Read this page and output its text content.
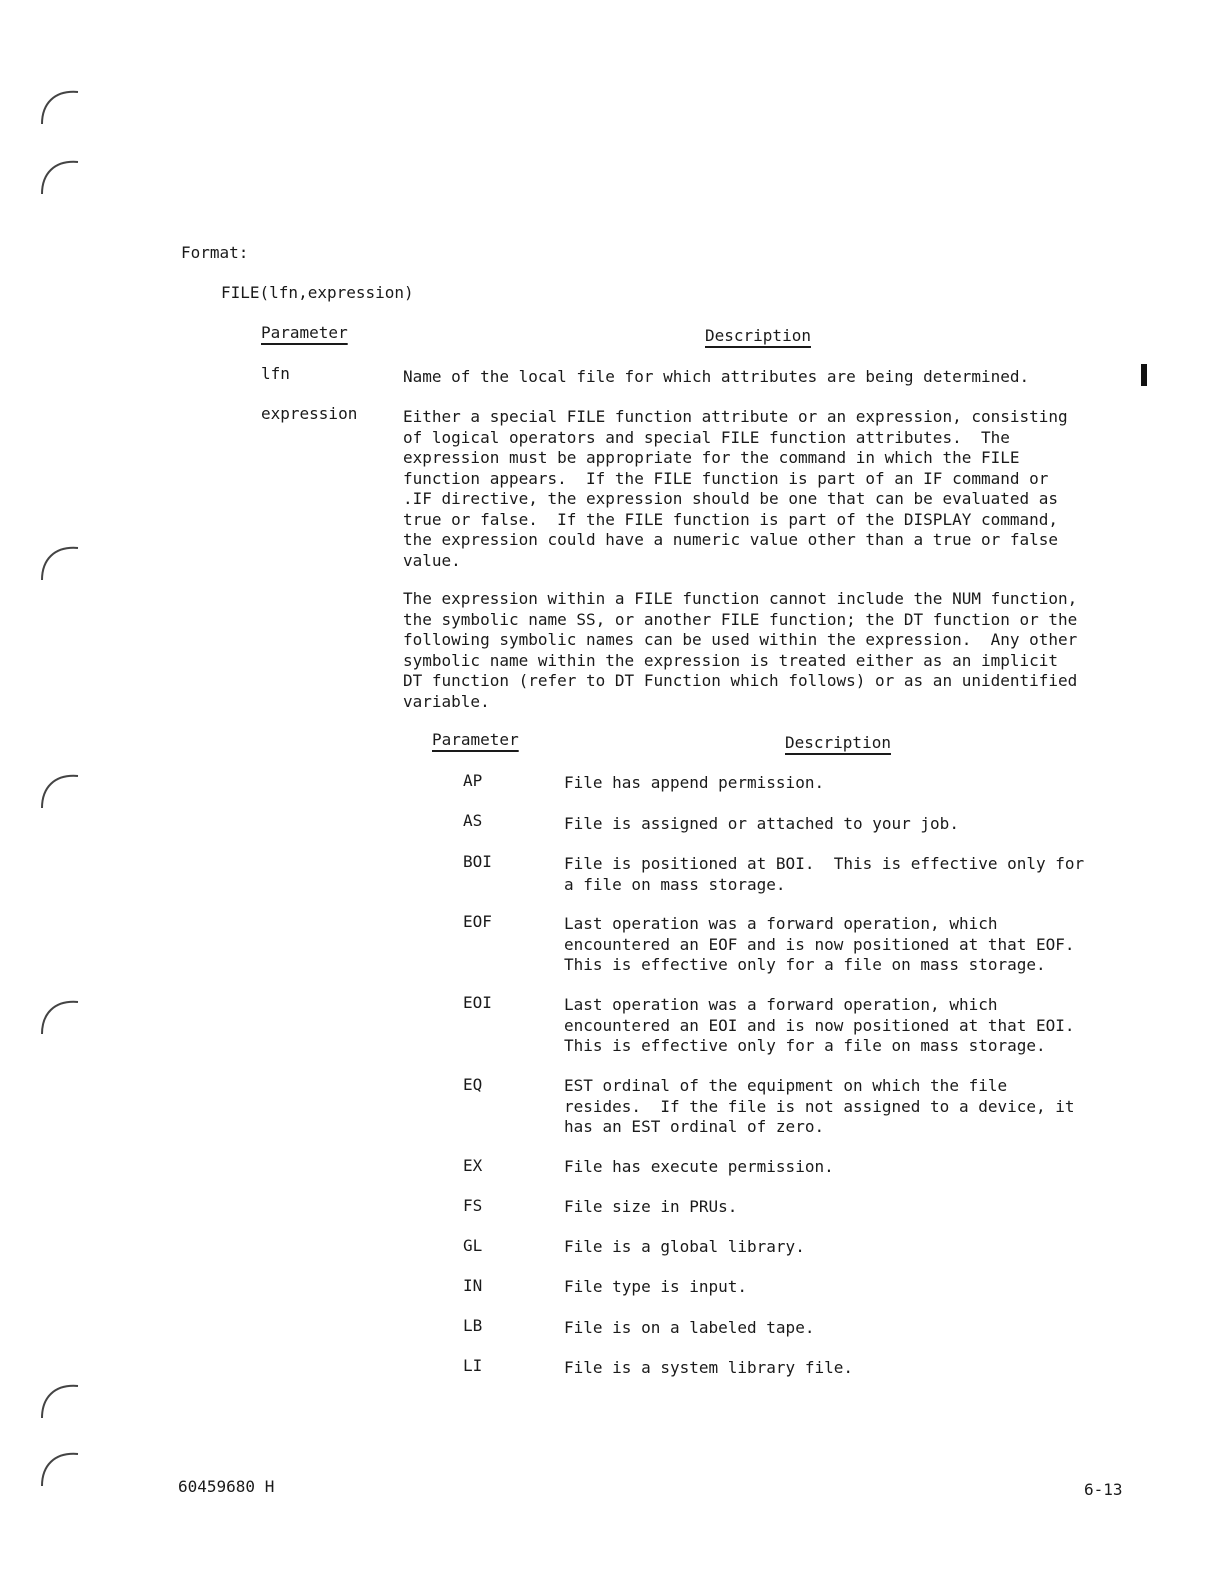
Format:
FILE(lfn,expression)
Parameter	Description
lfn	Name of the local file for which attributes are being determined.
expression	Either a special FILE function attribute or an expression, consisting
of logical operators and special FILE function attributes.  The
expression must be appropriate for the command in which the FILE
function appears.  If the FILE function is part of an IF command or
.IF directive, the expression should be one that can be evaluated as
true or false.  If the FILE function is part of the DISPLAY command,
the expression could have a numeric value other than a true or false
value.
The expression within a FILE function cannot include the NUM function,
the symbolic name SS, or another FILE function; the DT function or the
following symbolic names can be used within the expression.  Any other
symbolic name within the expression is treated either as an implicit
DT function (refer to DT Function which follows) or as an unidentified
variable.
Parameter	Description
AP	File has append permission.
AS	File is assigned or attached to your job.
BOI	File is positioned at BOI.  This is effective only for
a file on mass storage.
EOF	Last operation was a forward operation, which
encountered an EOF and is now positioned at that EOF.
This is effective only for a file on mass storage.
EOI	Last operation was a forward operation, which
encountered an EOI and is now positioned at that EOI.
This is effective only for a file on mass storage.
EQ	EST ordinal of the equipment on which the file
resides.  If the file is not assigned to a device, it
has an EST ordinal of zero.
EX	File has execute permission.
FS	File size in PRUs.
GL	File is a global library.
IN	File type is input.
LB	File is on a labeled tape.
LI	File is a system library file.
60459680 H	6-13
